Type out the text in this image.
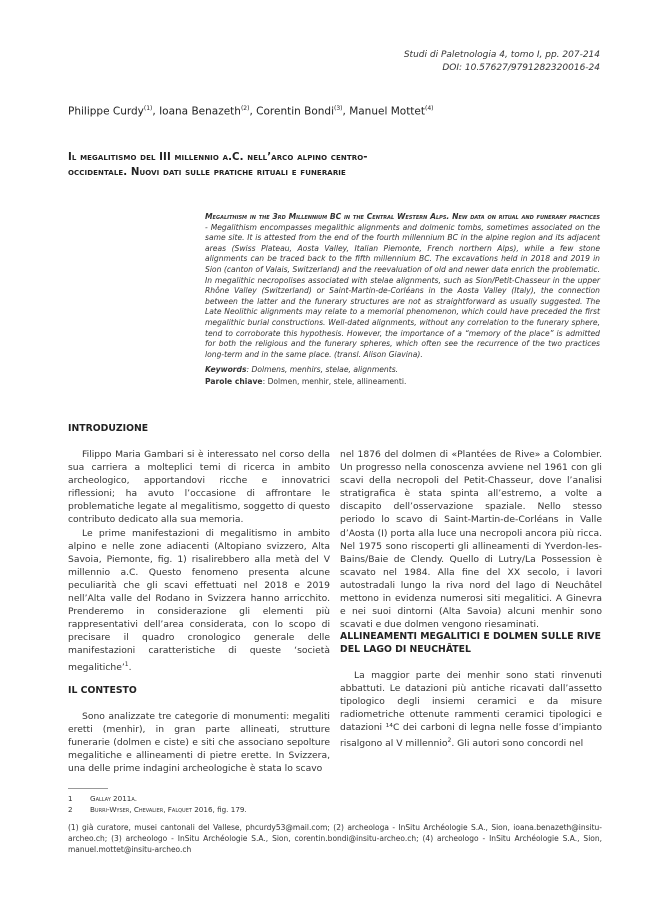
Studi di Paletnologia 4, tomo I, pp. 207-214
DOI: 10.57627/9791282320016-24
Philippe Curdy$^{(1)}$, Ioana Benazeth$^{(2)}$, Corentin Bondi$^{(3)}$, Manuel Mottet$^{(4)}$
Il megalitismo del III millennio a.C. nell’arco alpino centro-
occidentale. Nuovi dati sulle pratiche rituali e funerarie
Megalithism in the 3rd Millennium BC in the Central Western Alps. New data on ritual and funerary practices - Megalithism encompasses megalithic alignments and dolmenic tombs, sometimes associated on the same site. It is attested from the end of the fourth millennium BC in the alpine region and its adjacent areas (Swiss Plateau, Aosta Valley, Italian Piemonte, French northern Alps), while a few stone alignments can be traced back to the fifth millennium BC. The excavations held in 2018 and 2019 in Sion (canton of Valais, Switzerland) and the reevaluation of old and newer data enrich the problematic. In megalithic necropolises associated with stelae alignments, such as Sion/Petit-Chasseur in the upper Rhône Valley (Switzerland) or Saint-Martin-de-Corléans in the Aosta Valley (Italy), the connection between the latter and the funerary structures are not as straightforward as usually suggested. The Late Neolithic alignments may relate to a memorial phenomenon, which could have preceded the first megalithic burial constructions. Well-dated alignments, without any correlation to the funerary sphere, tend to corroborate this hypothesis. However, the importance of a “memory of the place” is admitted for both the religious and the funerary spheres, which often see the recurrence of the two practices long-term and in the same place. (transl. Alison Giavina).
Keywords: Dolmens, menhirs, stelae, alignments.
Parole chiave: Dolmen, menhir, stele, allineamenti.
INTRODUZIONE

Filippo Maria Gambari si è interessato nel corso della sua carriera a molteplici temi di ricerca in ambito archeologico, apportandovi ricche e innovatrici riflessioni; ha avuto l’occasione di affrontare le problematiche legate al megalitismo, soggetto di questo contributo dedicato alla sua memoria.

Le prime manifestazioni di megalitismo in ambito alpino e nelle zone adiacenti (Altopiano svizzero, Alta Savoia, Piemonte, fig. 1) risalirebbero alla metà del V millennio a.C. Questo fenomeno presenta alcune peculiarità che gli scavi effettuati nel 2018 e 2019 nell’Alta valle del Rodano in Svizzera hanno arricchito. Prenderemo in considerazione gli elementi più rappresentativi dell’area considerata, con lo scopo di precisare il quadro cronologico generale delle manifestazioni caratteristiche di queste ‘società megalitiche’$^1$.

IL CONTESTO

Sono analizzate tre categorie di monumenti: megaliti eretti (menhir), in gran parte allineati, strutture funerarie (dolmen e ciste) e siti che associano sepolture megalitiche e allineamenti di pietre erette. In Svizzera, una delle prime indagini archeologiche è stata lo scavo

nel 1876 del dolmen di «Plantées de Rive» a Colombier. Un progresso nella conoscenza avviene nel 1961 con gli scavi della necropoli del Petit-Chasseur, dove l’analisi stratigrafica è stata spinta all’estremo, a volte a discapito dell’osservazione spaziale. Nello stesso periodo lo scavo di Saint-Martin-de-Corléans in Valle d’Aosta (I) porta alla luce una necropoli ancora più ricca. Nel 1975 sono riscoperti gli allineamenti di Yverdon-les-Bains/Baie de Clendy. Quello di Lutry/La Possession è scavato nel 1984. Alla fine del XX secolo, i lavori autostradali lungo la riva nord del lago di Neuchâtel mettono in evidenza numerosi siti megalitici. A Ginevra e nei suoi dintorni (Alta Savoia) alcuni menhir sono scavati e due dolmen vengono riesaminati.

ALLINEAMENTI MEGALITICI E DOLMEN SULLE RIVE DEL LAGO DI NEUCHÂTEL

La maggior parte dei menhir sono stati rinvenuti abbattuti. Le datazioni più antiche ricavati dall’assetto tipologico degli insiemi ceramici e da misure radiometriche ottenute rammenti ceramici tipologici e datazioni ¹⁴C dei carboni di legna nelle fosse d’impianto risalgono al V millennio$^2$. Gli autori sono concordi nel

1 Gallay 2011a.
2 Burri-Wyser, Chevalier, Falquet 2016, fig. 179.
(1) già curatore, musei cantonali del Vallese, phcurdy53@mail.com; (2) archeologa - InSitu Archéologie S.A., Sion, ioana.benazeth@insitu-archeo.ch; (3) archeologo - InSitu Archéologie S.A., Sion, corentin.bondi@insitu-archeo.ch; (4) archeologo - InSitu Archéologie S.A., Sion, manuel.mottet@insitu-archeo.ch
